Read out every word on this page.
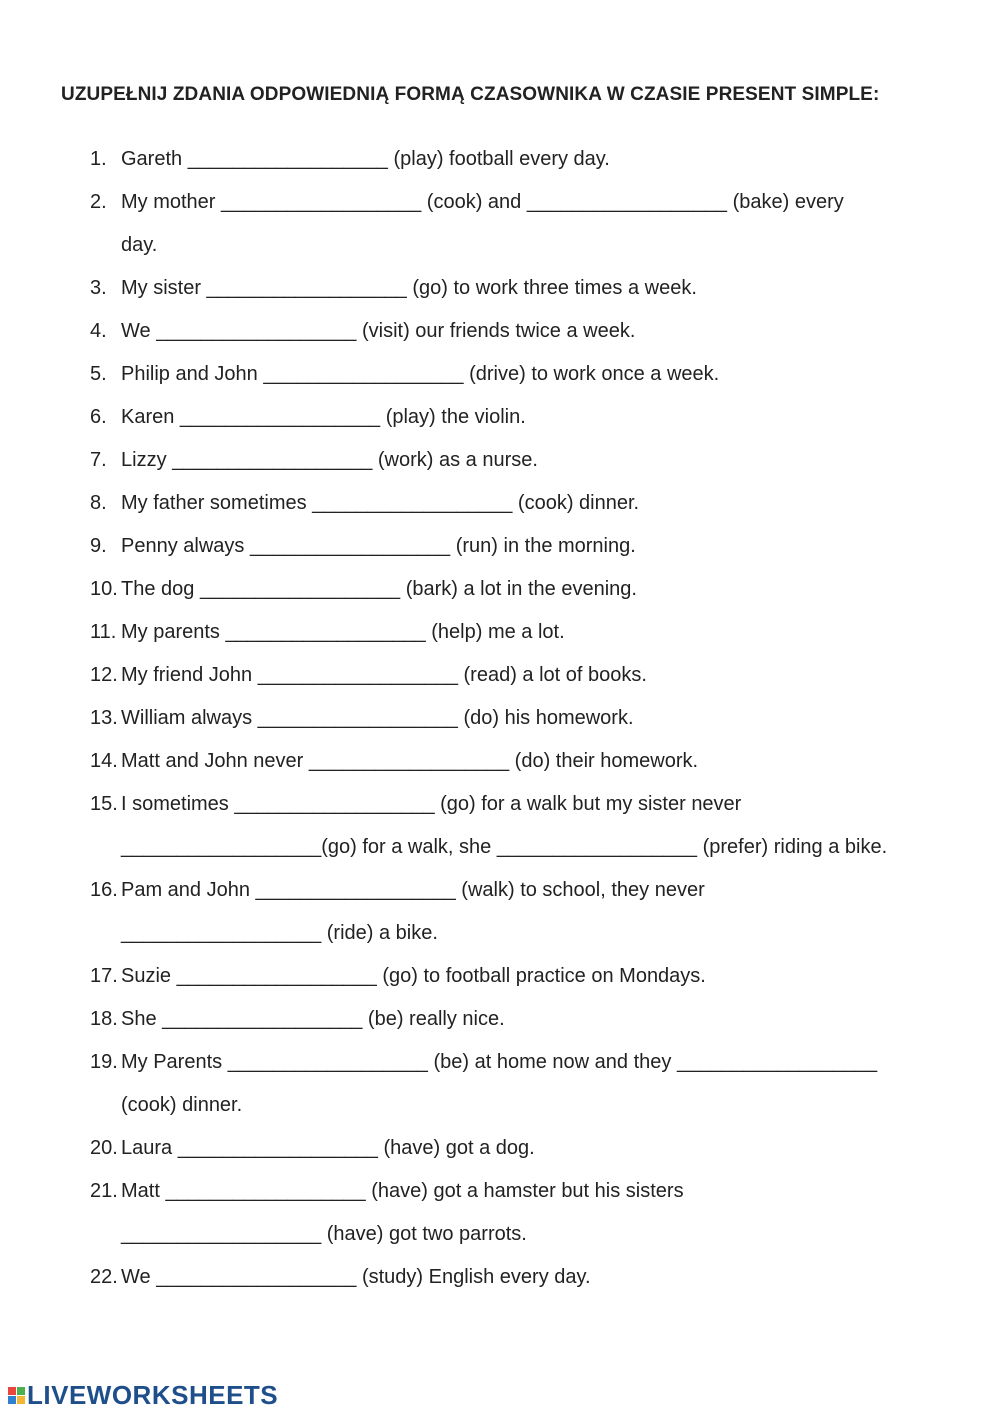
UZUPEŁNIJ ZDANIA ODPOWIEDNIĄ FORMĄ CZASOWNIKA W CZASIE PRESENT SIMPLE:
1. Gareth __________________ (play) football every day.
2. My mother __________________ (cook) and __________________ (bake) every
day.
3. My sister __________________ (go) to work three times a week.
4. We __________________ (visit) our friends twice a week.
5. Philip and John __________________ (drive) to work once a week.
6. Karen __________________ (play) the violin.
7. Lizzy __________________ (work) as a nurse.
8. My father sometimes __________________ (cook) dinner.
9. Penny always __________________ (run) in the morning.
10. The dog __________________ (bark) a lot in the evening.
11. My parents __________________ (help) me a lot.
12. My friend John __________________ (read) a lot of books.
13. William always __________________ (do) his homework.
14. Matt and John never __________________ (do) their homework.
15. I sometimes __________________ (go) for a walk but my sister never
__________________(go) for a walk, she __________________ (prefer) riding a bike.
16. Pam and John __________________ (walk) to school, they never
__________________ (ride) a bike.
17. Suzie __________________ (go) to football practice on Mondays.
18. She __________________ (be) really nice.
19. My Parents __________________ (be) at home now and they __________________
(cook) dinner.
20. Laura __________________ (have) got a dog.
21. Matt __________________ (have) got a hamster but his sisters
__________________ (have) got two parrots.
22. We __________________ (study) English every day.
LIVEWORKSHEETS
